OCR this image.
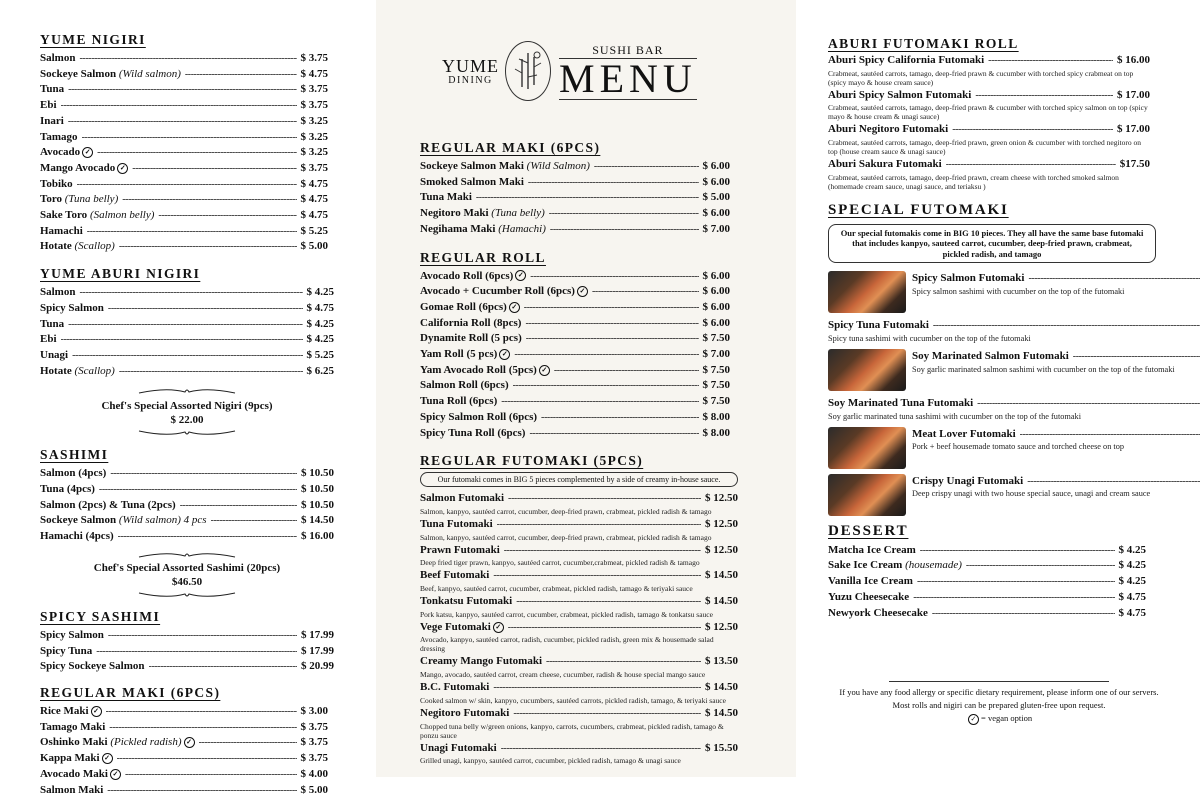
YUME NIGIRI
Salmon -----	$ 3.75
Sockeye Salmon (Wild salmon) -----	$ 4.75
Tuna -----	$ 3.75
Ebi -----	$ 3.75
Inari -----	$ 3.25
Tamago -----	$ 3.25
Avocado ✓ -----	$ 3.25
Mango Avocado ✓ -----	$ 3.75
Tobiko -----	$ 4.75
Toro (Tuna belly) -----	$ 4.75
Sake Toro (Salmon belly) -----	$ 4.75
Hamachi -----	$ 5.25
Hotate (Scallop) -----	$ 5.00
YUME ABURI NIGIRI
Salmon -----	$ 4.25
Spicy Salmon -----	$ 4.75
Tuna -----	$ 4.25
Ebi -----	$ 4.25
Unagi -----	$ 5.25
Hotate (Scallop) -----	$ 6.25
Chef's Special Assorted Nigiri (9pcs)
$ 22.00
SASHIMI
Salmon (4pcs) -----	$ 10.50
Tuna (4pcs) -----	$ 10.50
Salmon (2pcs) & Tuna (2pcs) -----	$ 10.50
Sockeye Salmon (Wild salmon) 4 pcs -----	$ 14.50
Hamachi (4pcs) -----	$ 16.00
Chef's Special Assorted Sashimi (20pcs)
$46.50
SPICY SASHIMI
Spicy Salmon -----	$ 17.99
Spicy Tuna -----	$ 17.99
Spicy Sockeye Salmon -----	$ 20.99
REGULAR MAKI (6PCS)
Rice Maki ✓ -----	$ 3.00
Tamago Maki -----	$ 3.75
Oshinko Maki (Pickled radish) ✓ -----	$ 3.75
Kappa Maki ✓ -----	$ 3.75
Avocado Maki ✓ -----	$ 4.00
Salmon Maki -----	$ 5.00
YUME
DINING
SUSHI BAR
MENU
REGULAR MAKI (6PCS)
Sockeye Salmon Maki (Wild Salmon) -----	$ 6.00
Smoked Salmon Maki -----	$ 6.00
Tuna Maki -----	$ 5.00
Negitoro Maki (Tuna belly) -----	$ 6.00
Negihama Maki (Hamachi) -----	$ 7.00
REGULAR ROLL
Avocado Roll (6pcs) ✓ -----	$ 6.00
Avocado + Cucumber Roll (6pcs) ✓ -----	$ 6.00
Gomae Roll (6pcs) ✓ -----	$ 6.00
California Roll (8pcs) -----	$ 6.00
Dynamite Roll (5 pcs) -----	$ 7.50
Yam Roll (5 pcs) ✓ -----	$ 7.00
Yam Avocado Roll (5pcs) ✓ -----	$ 7.50
Salmon Roll (6pcs) -----	$ 7.50
Tuna Roll (6pcs) -----	$ 7.50
Spicy Salmon Roll (6pcs) -----	$ 8.00
Spicy Tuna Roll (6pcs) -----	$ 8.00
REGULAR FUTOMAKI (5PCS)
Our futomaki comes in BIG 5 pieces complemented by a side of creamy in-house sauce.
Salmon Futomaki -----	$ 12.50
Salmon, kanpyo, sautéed carrot, cucumber, deep-fried prawn, crabmeat, pickled radish & tamago
Tuna Futomaki -----	$ 12.50
Salmon, kanpyo, sautéed carrot, cucumber, deep-fried prawn, crabmeat, pickled radish & tamago
Prawn Futomaki -----	$ 12.50
Deep fried tiger prawn, kanpyo, sautéed carrot, cucumber,crabmeat, pickled radish & tamago
Beef Futomaki -----	$ 14.50
Beef, kanpyo, sautéed carrot, cucumber, crabmeat, pickled radish, tamago & teriyaki sauce
Tonkatsu Futomaki -----	$ 14.50
Pork katsu, kanpyo, sautéed carrot, cucumber, crabmeat, pickled radish, tamago & tonkatsu sauce
Vege Futomaki ✓ -----	$ 12.50
Avocado, kanpyo, sautéed carrot, radish, cucumber, pickled radish, green mix & housemade salad dressing
Creamy Mango Futomaki -----	$ 13.50
Mango, avocado, sautéed carrot, cream cheese, cucumber, radish & house special mango sauce
B.C. Futomaki -----	$ 14.50
Cooked salmon w/ skin, kanpyo, cucumbers, sautéed carrots, pickled radish, tamago, & teriyaki sauce
Negitoro Futomaki -----	$ 14.50
Chopped tuna belly w/green onions, kanpyo, carrots, cucumbers, crabmeat, pickled radish, tamago & ponzu sauce
Unagi Futomaki -----	$ 15.50
Grilled unagi, kanpyo, sautéed carrot, cucumber, pickled radish, tamago & unagi sauce
ABURI FUTOMAKI ROLL
Aburi Spicy California Futomaki -----	$ 16.00
Crabmeat, sautéed carrots, tamago, deep-fried prawn & cucumber with torched spicy crabmeat on top (spicy mayo & house cream sauce)
Aburi Spicy Salmon Futomaki -----	$ 17.00
Crabmeat, sautéed carrots, tamago, deep-fried prawn & cucumber with torched spicy salmon on top (spicy mayo & house cream & unagi sauce)
Aburi Negitoro Futomaki -----	$ 17.00
Crabmeat, sautéed carrots, tamago, deep-fried prawn, green onion & cucumber with torched negitoro on top (house cream sauce & unagi sauce)
Aburi Sakura Futomaki -----	$17.50
Crabmeat, sautéed carrots, tamago, deep-fried prawn, cream cheese with torched smoked salmon (homemade cream sauce, unagi sauce, and teriaksu )
SPECIAL FUTOMAKI
Our special futomakis come in BIG 10 pieces. They all have the same base futomaki that includes kanpyo, sauteed carrot, cucumber, deep-fried prawn, crabmeat, pickled radish, and tamago
Spicy Salmon Futomaki
-----
Spicy salmon sashimi with cucumber on the top of the futomaki
Spicy Tuna Futomaki
-----
Spicy tuna sashimi with cucumber on the top of the futomaki
Soy Marinated Salmon Futomaki
-----
Soy garlic marinated salmon sashimi with cucumber on the top of the futomaki
Soy Marinated Tuna Futomaki
-----
Soy garlic marinated tuna sashimi with cucumber on the top of the futomaki
Meat Lover Futomaki
-----
Pork + beef housemade tomato sauce and torched cheese on top
Crispy Unagi Futomaki
-----
Deep crispy unagi with two house special sauce, unagi and cream sauce
DESSERT
Matcha Ice Cream -----	$ 4.25
Sake Ice Cream (housemade) -----	$ 4.25
Vanilla Ice Cream -----	$ 4.25
Yuzu Cheesecake -----	$ 4.75
Newyork Cheesecake -----	$ 4.75
If you have any food allergy or specific dietary requirement, please inform one of our servers.
Most rolls and nigiri can be prepared gluten-free upon request.
✓ = vegan option
